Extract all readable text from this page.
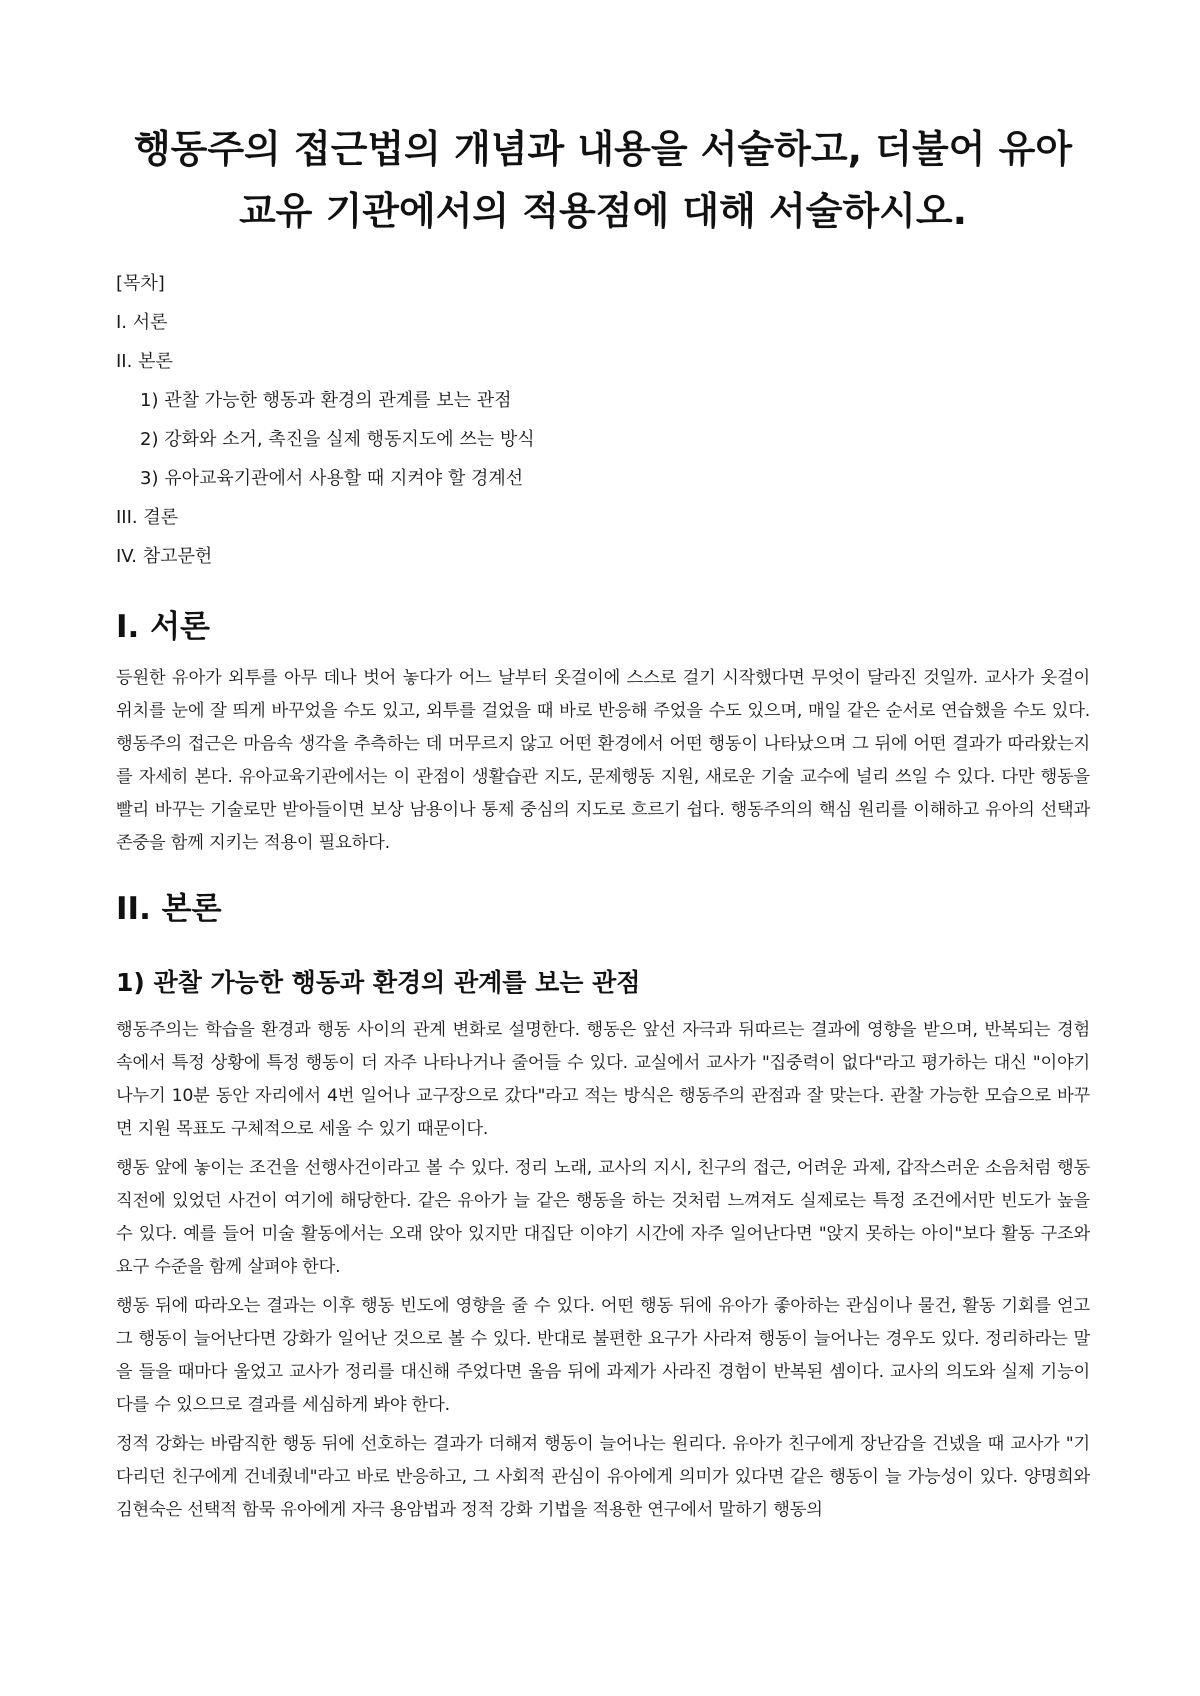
행동주의 접근법의 개념과 내용을 서술하고, 더불어 유아교유 기관에서의 적용점에 대해 서술하시오.

[목차]

I. 서론

II. 본론

1) 관찰 가능한 행동과 환경의 관계를 보는 관점

2) 강화와 소거, 촉진을 실제 행동지도에 쓰는 방식

3) 유아교육기관에서 사용할 때 지켜야 할 경계선

III. 결론

IV. 참고문헌

I. 서론

등원한 유아가 외투를 아무 데나 벗어 놓다가 어느 날부터 옷걸이에 스스로 걸기 시작했다면 무엇이 달라진 것일까. 교사가 옷걸이 위치를 눈에 잘 띄게 바꾸었을 수도 있고, 외투를 걸었을 때 바로 반응해 주었을 수도 있으며, 매일 같은 순서로 연습했을 수도 있다. 행동주의 접근은 마음속 생각을 추측하는 데 머무르지 않고 어떤 환경에서 어떤 행동이 나타났으며 그 뒤에 어떤 결과가 따라왔는지를 자세히 본다. 유아교육기관에서는 이 관점이 생활습관 지도, 문제행동 지원, 새로운 기술 교수에 널리 쓰일 수 있다. 다만 행동을 빨리 바꾸는 기술로만 받아들이면 보상 남용이나 통제 중심의 지도로 흐르기 쉽다. 행동주의의 핵심 원리를 이해하고 유아의 선택과 존중을 함께 지키는 적용이 필요하다.

II. 본론
1) 관찰 가능한 행동과 환경의 관계를 보는 관점

행동주의는 학습을 환경과 행동 사이의 관계 변화로 설명한다. 행동은 앞선 자극과 뒤따르는 결과에 영향을 받으며, 반복되는 경험 속에서 특정 상황에 특정 행동이 더 자주 나타나거나 줄어들 수 있다. 교실에서 교사가 "집중력이 없다"라고 평가하는 대신 "이야기나누기 10분 동안 자리에서 4번 일어나 교구장으로 갔다"라고 적는 방식은 행동주의 관점과 잘 맞는다. 관찰 가능한 모습으로 바꾸면 지원 목표도 구체적으로 세울 수 있기 때문이다.

행동 앞에 놓이는 조건을 선행사건이라고 볼 수 있다. 정리 노래, 교사의 지시, 친구의 접근, 어려운 과제, 갑작스러운 소음처럼 행동 직전에 있었던 사건이 여기에 해당한다. 같은 유아가 늘 같은 행동을 하는 것처럼 느껴져도 실제로는 특정 조건에서만 빈도가 높을 수 있다. 예를 들어 미술 활동에서는 오래 앉아 있지만 대집단 이야기 시간에 자주 일어난다면 "앉지 못하는 아이"보다 활동 구조와 요구 수준을 함께 살펴야 한다.

행동 뒤에 따라오는 결과는 이후 행동 빈도에 영향을 줄 수 있다. 어떤 행동 뒤에 유아가 좋아하는 관심이나 물건, 활동 기회를 얻고 그 행동이 늘어난다면 강화가 일어난 것으로 볼 수 있다. 반대로 불편한 요구가 사라져 행동이 늘어나는 경우도 있다. 정리하라는 말을 들을 때마다 울었고 교사가 정리를 대신해 주었다면 울음 뒤에 과제가 사라진 경험이 반복된 셈이다. 교사의 의도와 실제 기능이 다를 수 있으므로 결과를 세심하게 봐야 한다.

정적 강화는 바람직한 행동 뒤에 선호하는 결과가 더해져 행동이 늘어나는 원리다. 유아가 친구에게 장난감을 건넸을 때 교사가 "기다리던 친구에게 건네줬네"라고 바로 반응하고, 그 사회적 관심이 유아에게 의미가 있다면 같은 행동이 늘 가능성이 있다. 양명희와 김현숙은 선택적 함묵 유아에게 자극 용암법과 정적 강화 기법을 적용한 연구에서 말하기 행동의
